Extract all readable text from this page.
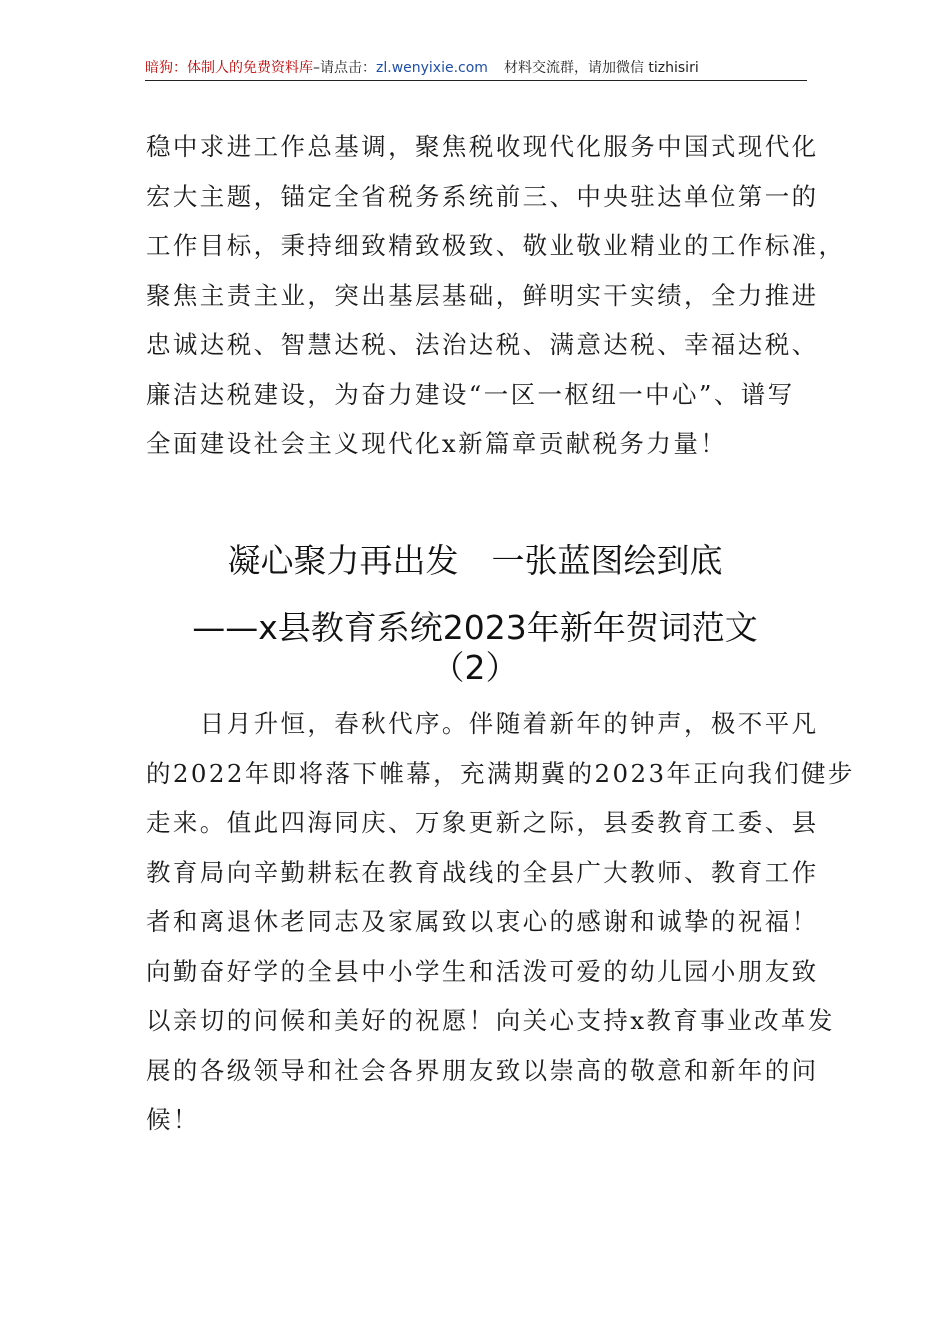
暗狗：体制人的免费资料库–请点击：zl.wenyixie.com 材料交流群，请加微信 tizhisiri
稳中求进工作总基调，聚焦税收现代化服务中国式现代化
宏大主题，锚定全省税务系统前三、中央驻达单位第一的
工作目标，秉持细致精致极致、敬业敬业精业的工作标准，
聚焦主责主业，突出基层基础，鲜明实干实绩，全力推进
忠诚达税、智慧达税、法治达税、满意达税、幸福达税、
廉洁达税建设，为奋力建设“一区一枢纽一中心”、谱写
全面建设社会主义现代化x新篇章贡献税务力量！
凝心聚力再出发　一张蓝图绘到底
——x县教育系统2023年新年贺词范文
（2）
　　日月升恒，春秋代序。伴随着新年的钟声，极不平凡
的2022年即将落下帷幕，充满期冀的2023年正向我们健步
走来。值此四海同庆、万象更新之际，县委教育工委、县
教育局向辛勤耕耘在教育战线的全县广大教师、教育工作
者和离退休老同志及家属致以衷心的感谢和诚挚的祝福！
向勤奋好学的全县中小学生和活泼可爱的幼儿园小朋友致
以亲切的问候和美好的祝愿！向关心支持x教育事业改革发
展的各级领导和社会各界朋友致以崇高的敬意和新年的问
候！
